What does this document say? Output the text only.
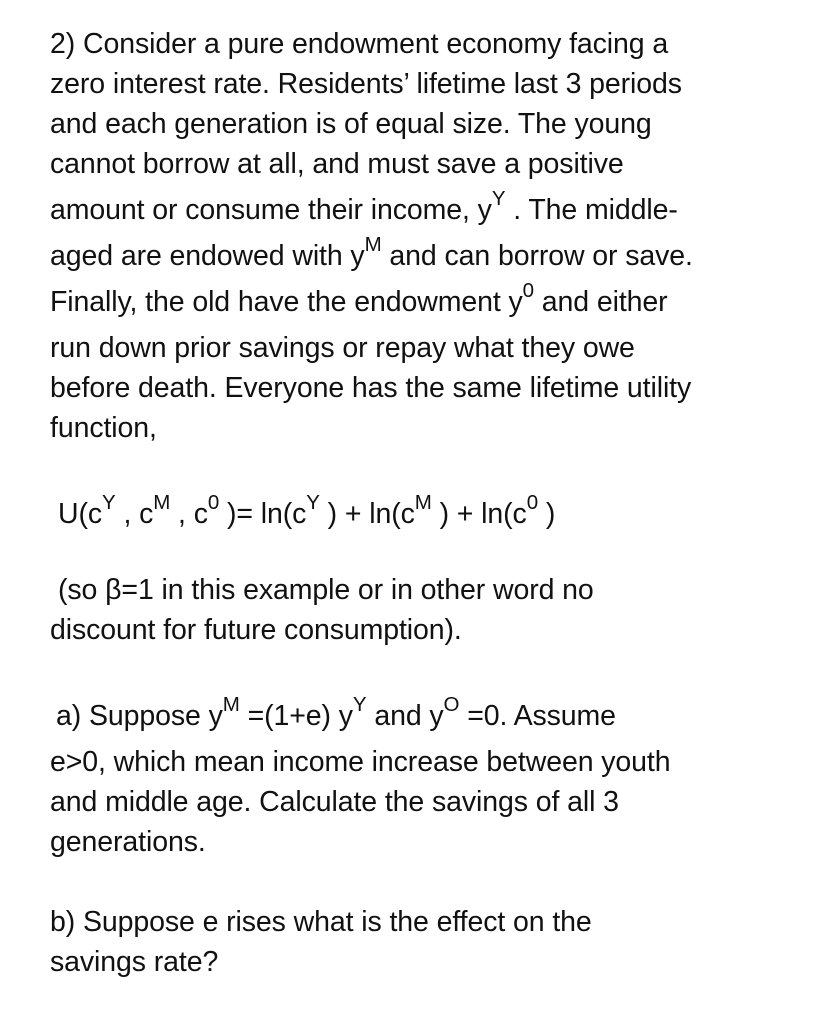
2) Consider a pure endowment economy facing a
zero interest rate. Residents’ lifetime last 3 periods
and each generation is of equal size. The young
cannot borrow at all, and must save a positive
amount or consume their income, $y^Y$ . The middle-
aged are endowed with $y^M$ and can borrow or save.
Finally, the old have the endowment $y^0$ and either
run down prior savings or repay what they owe
before death. Everyone has the same lifetime utility
function,
$U(c^Y$ , $c^M$ , $c^0$ )= $\ln(c^Y$ ) + $\ln(c^M$ ) + $\ln(c^0$ )
(so β=1 in this example or in other word no
discount for future consumption).
a) Suppose $y^M =(1+e)$ $y^Y$ and $y^O =0$. Assume
e>0, which mean income increase between youth
and middle age. Calculate the savings of all 3
generations.
b) Suppose e rises what is the effect on the
savings rate?
